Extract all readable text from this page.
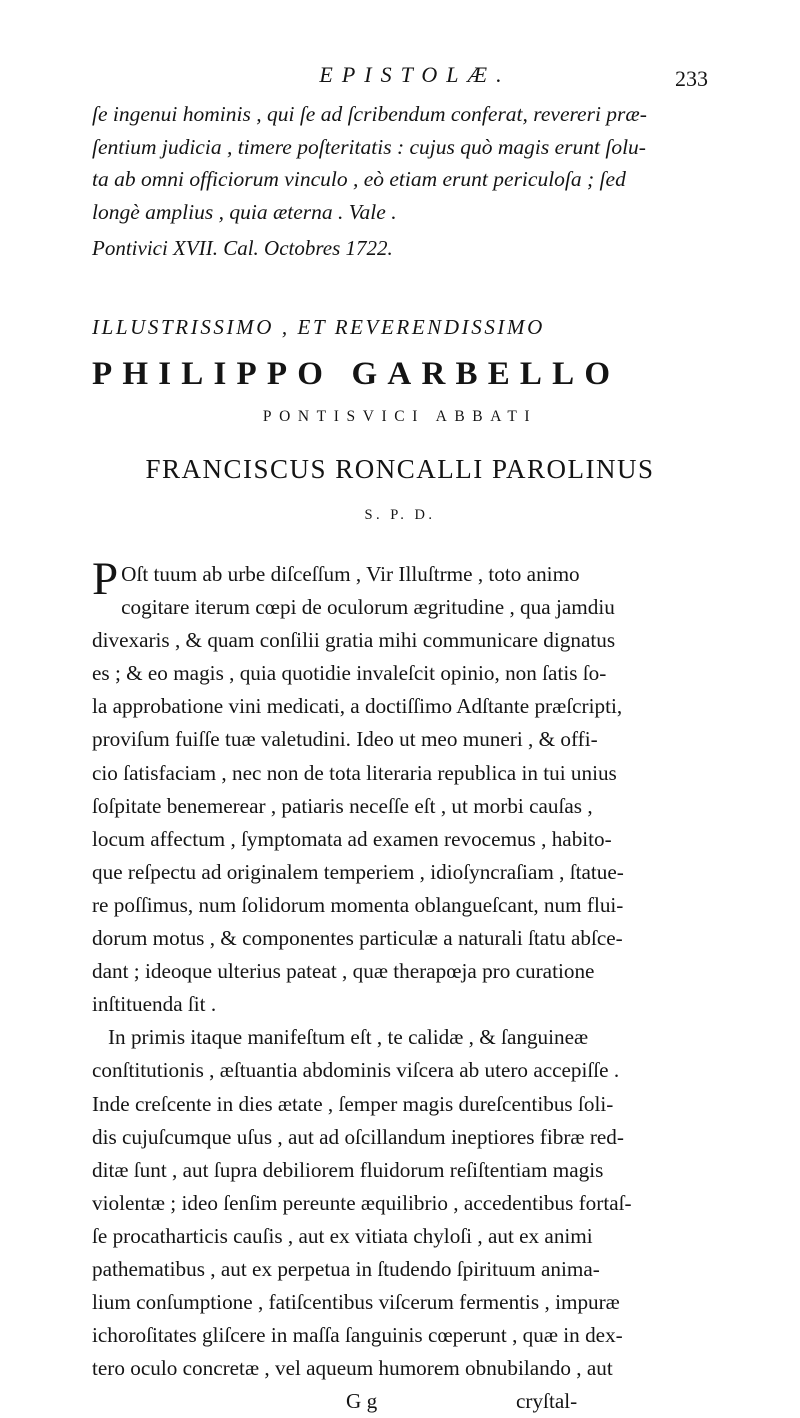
EPISTOLÆ.	233

ſe ingenui hominis , qui ſe ad ſcribendum conferat, revereri præ-

ſentium judicia , timere poſteritatis : cujus quò magis erunt ſolu-

ta ab omni officiorum vinculo , eò etiam erunt periculoſa ; ſed

longè amplius , quia æterna . Vale .

Pontivici XVII. Cal. Octobres 1722.
ILLUSTRISSIMO , ET REVERENDISSIMO
PHILIPPO GARBELLO
PONTISVICI ABBATI
FRANCISCUS RONCALLI PAROLINUS
S. P. D.
P Oſt tuum ab urbe diſceſſum , Vir Illuſtrme , toto animo
cogitare iterum cœpi de oculorum ægritudine , qua jamdiu
divexaris , & quam conſilii gratia mihi communicare dignatus
es ; & eo magis , quia quotidie invaleſcit opinio, non ſatis ſo-
la approbatione vini medicati, a doctiſſimo Adſtante præſcripti,
proviſum fuiſſe tuæ valetudini. Ideo ut meo muneri , & offi-
cio ſatisfaciam , nec non de tota literaria republica in tui unius
ſoſpitate benemerear , patiaris neceſſe eſt , ut morbi cauſas ,
locum affectum , ſymptomata ad examen revocemus , habito-
que reſpectu ad originalem temperiem , idioſyncraſiam , ſtatue-
re poſſimus, num ſolidorum momenta oblangueſcant, num flui-
dorum motus , & componentes particulæ a naturali ſtatu abſce-
dant ; ideoque ulterius pateat , quæ therapœja pro curatione
inſtituenda ſit .
In primis itaque manifeſtum eſt , te calidæ , & ſanguineæ
conſtitutionis , æſtuantia abdominis viſcera ab utero accepiſſe .
Inde creſcente in dies ætate , ſemper magis dureſcentibus ſoli-
dis cujuſcumque uſus , aut ad oſcillandum ineptiores fibræ red-
ditæ ſunt , aut ſupra debiliorem fluidorum reſiſtentiam magis
violentæ ; ideo ſenſim pereunte æquilibrio , accedentibus fortaſ-
ſe procatharticis cauſis , aut ex vitiata chyloſi , aut ex animi
pathematibus , aut ex perpetua in ſtudendo ſpirituum anima-
lium conſumptione , fatiſcentibus viſcerum fermentis , impuræ
ichoroſitates gliſcere in maſſa ſanguinis cœperunt , quæ in dex-
tero oculo concretæ , vel aqueum humorem obnubilando , aut
G g	cryſtal-
